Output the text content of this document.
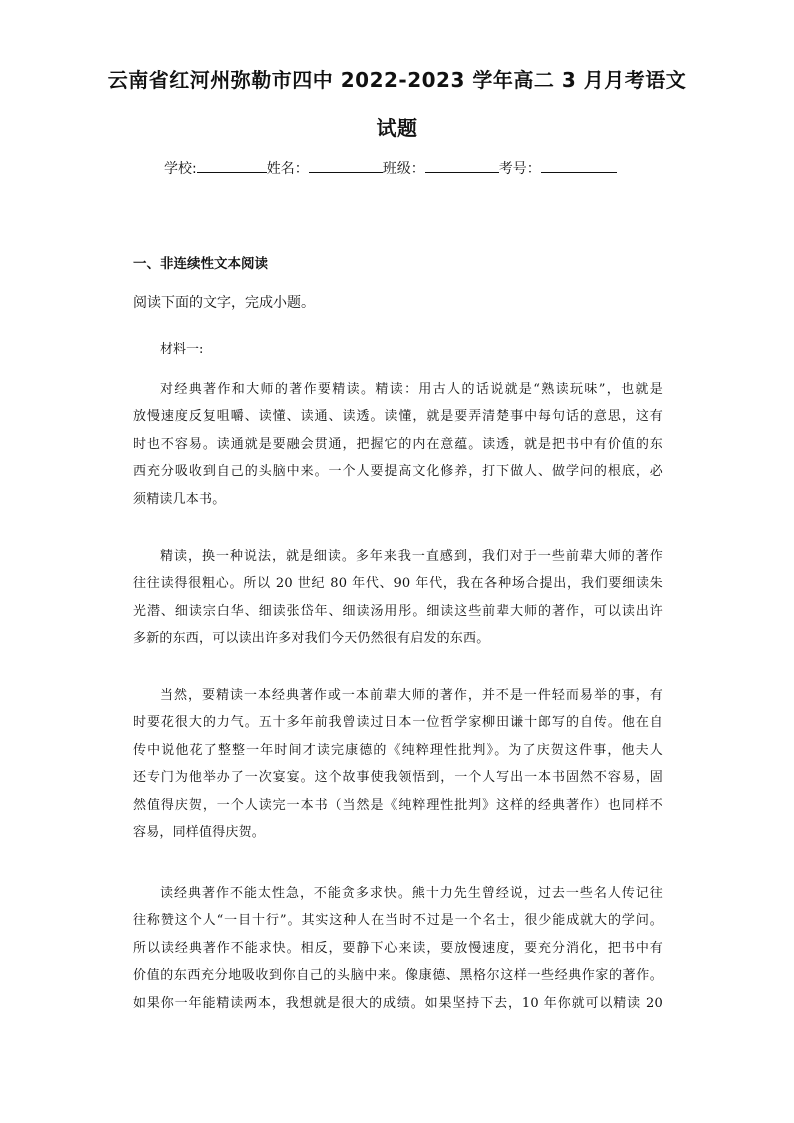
云南省红河州弥勒市四中 2022-2023 学年高二 3 月月考语文
试题
学校:	姓名：	班级：	考号：
一、非连续性文本阅读
阅读下面的文字，完成小题。
材料一:
对经典著作和大师的著作要精读。精读：用古人的话说就是“熟读玩味”，也就是
放慢速度反复咀嚼、读懂、读通、读透。读懂，就是要弄清楚事中每句话的意思，这有
时也不容易。读通就是要融会贯通，把握它的内在意蕴。读透，就是把书中有价值的东
西充分吸收到自己的头脑中来。一个人要提高文化修养，打下做人、做学问的根底，必
须精读几本书。
精读，换一种说法，就是细读。多年来我一直感到，我们对于一些前辈大师的著作
往往读得很粗心。所以 20 世纪 80 年代、90 年代，我在各种场合提出，我们要细读朱
光潜、细读宗白华、细读张岱年、细读汤用彤。细读这些前辈大师的著作，可以读出许
多新的东西，可以读出许多对我们今天仍然很有启发的东西。
当然，要精读一本经典著作或一本前辈大师的著作，并不是一件轻而易举的事，有
时要花很大的力气。五十多年前我曾读过日本一位哲学家柳田谦十郎写的自传。他在自
传中说他花了整整一年时间才读完康德的《纯粹理性批判》。为了庆贺这件事，他夫人
还专门为他举办了一次宴宴。这个故事使我领悟到，一个人写出一本书固然不容易，固
然值得庆贺，一个人读完一本书（当然是《纯粹理性批判》这样的经典著作）也同样不
容易，同样值得庆贺。
读经典著作不能太性急，不能贪多求快。熊十力先生曾经说，过去一些名人传记往
往称赞这个人“一目十行”。其实这种人在当时不过是一个名士，很少能成就大的学问。
所以读经典著作不能求快。相反，要静下心来读，要放慢速度，要充分消化，把书中有
价值的东西充分地吸收到你自己的头脑中来。像康德、黑格尔这样一些经典作家的著作。
如果你一年能精读两本，我想就是很大的成绩。如果坚持下去，10 年你就可以精读 20
